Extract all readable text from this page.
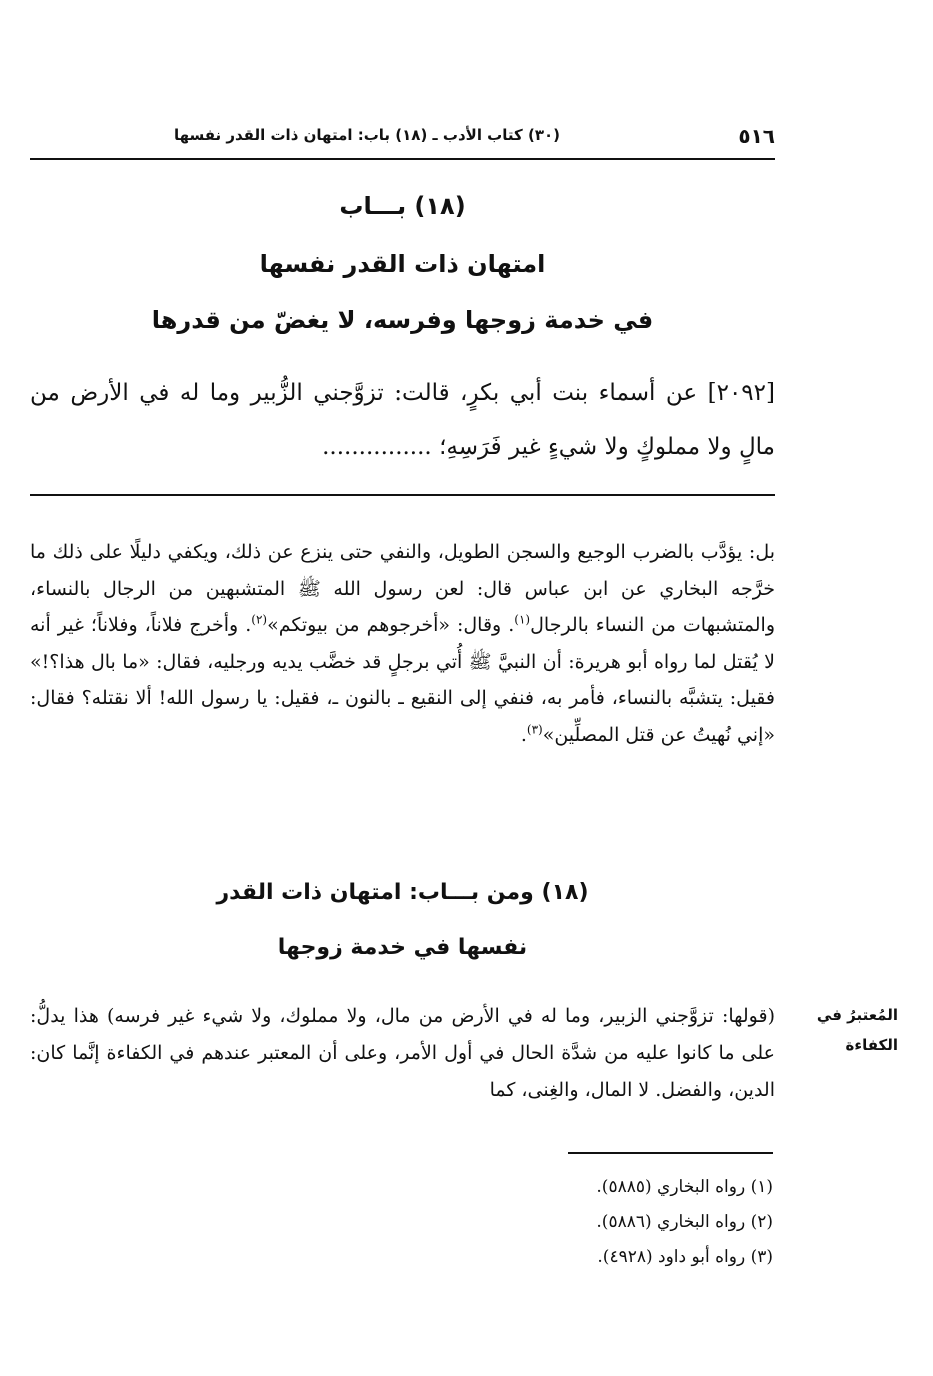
٥١٦
(٣٠) كتاب الأدب ـ (١٨) باب: امتهان ذات القدر نفسها
(١٨) بـــاب
امتهان ذات القدر نفسها
في خدمة زوجها وفرسه، لا يغضّ من قدرها
[٢٠٩٢] عن أسماء بنت أبي بكرٍ، قالت: تزوَّجني الزُّبير وما له في الأرض من مالٍ ولا مملوكٍ ولا شيءٍ غير فَرَسِهِ؛ ...............
بل: يؤدَّب بالضرب الوجيع والسجن الطويل، والنفي حتى ينزع عن ذلك، ويكفي دليلًا على ذلك ما خرَّجه البخاري عن ابن عباس قال: لعن رسول الله ﷺ المتشبهين من الرجال بالنساء، والمتشبهات من النساء بالرجال$^{(١)}$. وقال: «أخرجوهم من بيوتكم»$^{(٢)}$. وأخرج فلاناً، وفلاناً؛ غير أنه لا يُقتل لما رواه أبو هريرة: أن النبيَّ ﷺ أُتي برجلٍ قد خضَّب يديه ورجليه، فقال: «ما بال هذا؟!» فقيل: يتشبَّه بالنساء، فأمر به، فنفي إلى النقيع ـ بالنون ـ، فقيل: يا رسول الله! ألا نقتله؟ فقال: «إني نُهيتُ عن قتل المصلِّين»$^{(٣)}$.
(١٨) ومن بـــاب: امتهان ذات القدر
نفسها في خدمة زوجها
المُعتبرُ في
الكفاءة
(قولها: تزوَّجني الزبير، وما له في الأرض من مال، ولا مملوك، ولا شيء غير فرسه) هذا يدلُّ: على ما كانوا عليه من شدَّة الحال في أول الأمر، وعلى أن المعتبر عندهم في الكفاءة إنَّما كان: الدين، والفضل. لا المال، والغِنى، كما
(١) رواه البخاري (٥٨٨٥).
(٢) رواه البخاري (٥٨٨٦).
(٣) رواه أبو داود (٤٩٢٨).
